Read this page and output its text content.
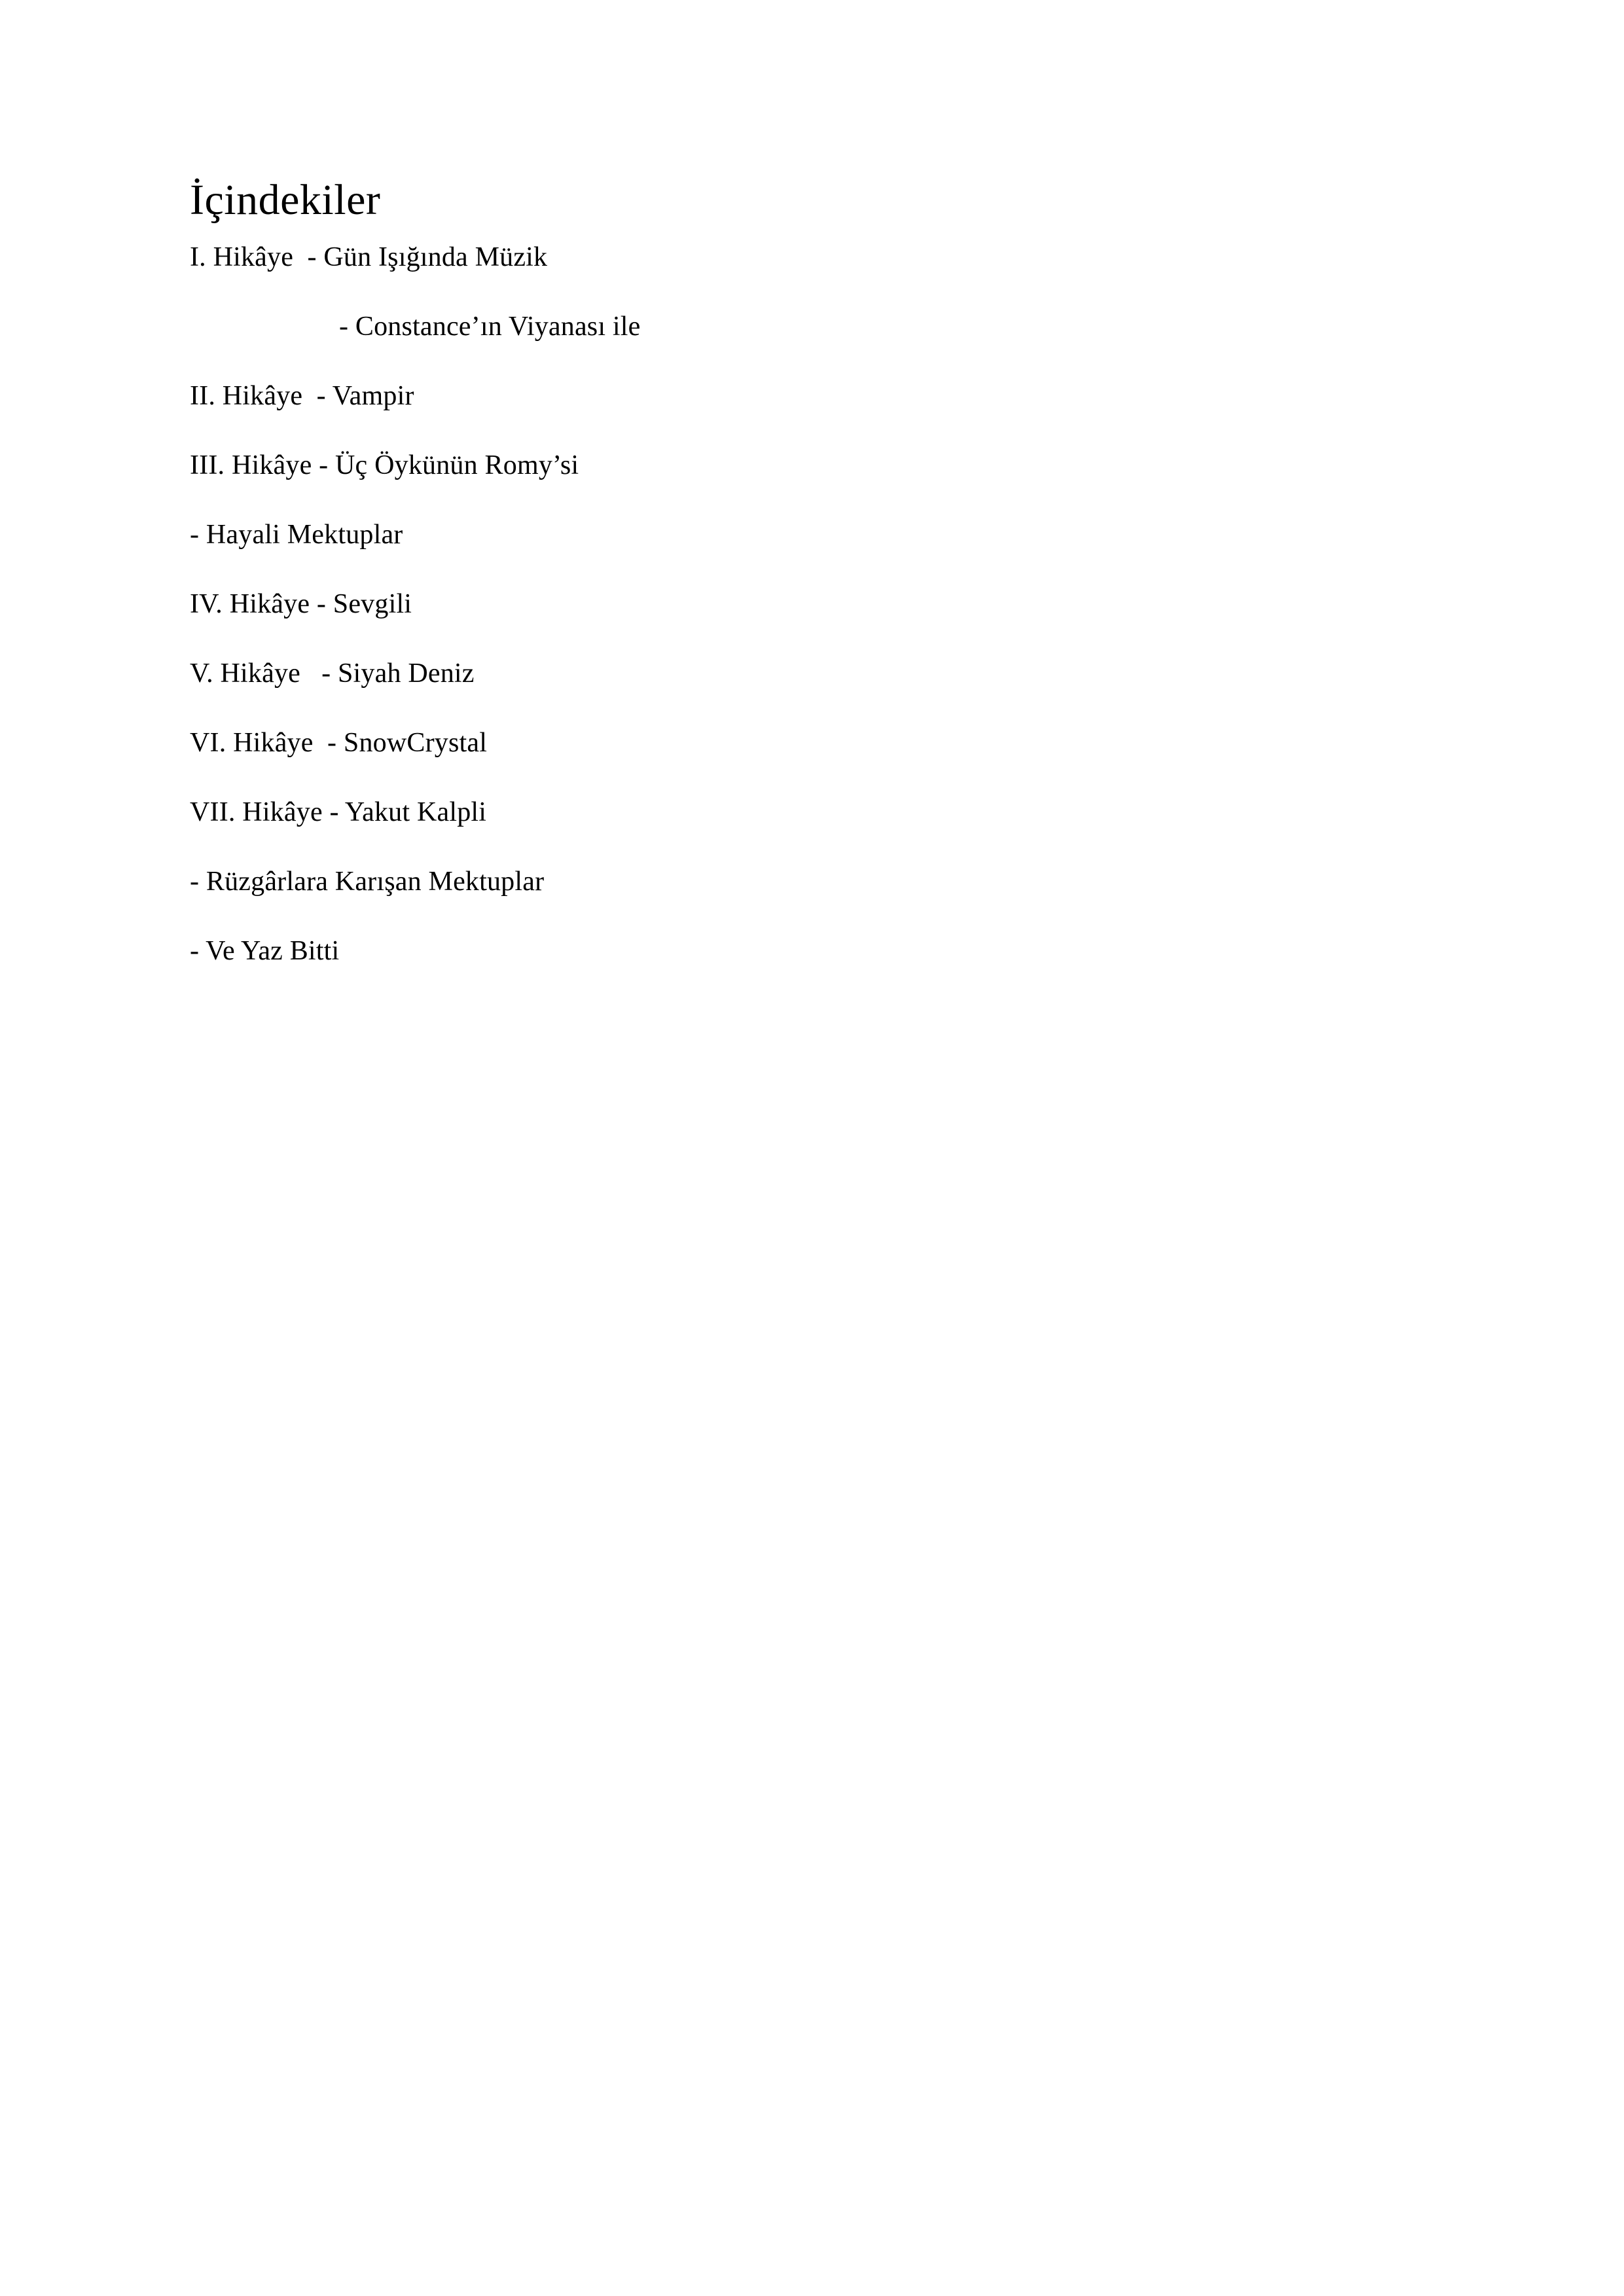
İçindekiler
I. Hikâye  - Gün Işığında Müzik
- Constance’ın Viyanası ile
II. Hikâye  - Vampir
III. Hikâye - Üç Öykünün Romy’si
- Hayali Mektuplar
IV. Hikâye - Sevgili
V. Hikâye   - Siyah Deniz
VI. Hikâye  - SnowCrystal
VII. Hikâye - Yakut Kalpli
- Rüzgârlara Karışan Mektuplar
- Ve Yaz Bitti
